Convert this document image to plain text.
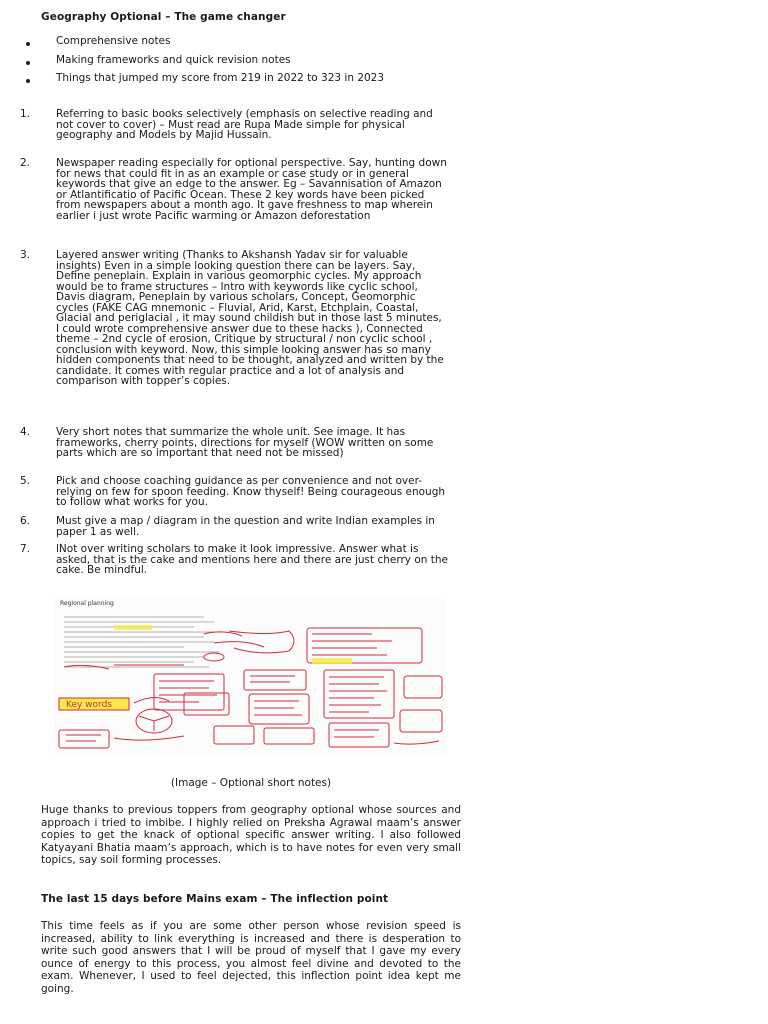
Geography Optional – The game changer
Comprehensive notes
Making frameworks and quick revision notes
Things that jumped my score from 219 in 2022 to 323 in 2023
1. Referring to basic books selectively (emphasis on selective reading and not cover to cover) – Must read are Rupa Made simple for physical geography and Models by Majid Hussain.
2. Newspaper reading especially for optional perspective. Say, hunting down for news that could fit in as an example or case study or in general keywords that give an edge to the answer. Eg – Savannisation of Amazon or Atlantificatio of Pacific Ocean. These 2 key words have been picked from newspapers about a month ago. It gave freshness to map wherein earlier i just wrote Pacific warming or Amazon deforestation
3. Layered answer writing (Thanks to Akshansh Yadav sir for valuable insights) Even in a simple looking question there can be layers. Say, Define peneplain. Explain in various geomorphic cycles. My approach would be to frame structures – Intro with keywords like cyclic school, Davis diagram, Peneplain by various scholars, Concept, Geomorphic cycles (FAKE CAG mnemonic – Fluvial, Arid, Karst, Etchplain, Coastal, Glacial and periglacial , it may sound childish but in those last 5 minutes, I could wrote comprehensive answer due to these hacks ), Connected theme – 2nd cycle of erosion, Critique by structural / non cyclic school , conclusion with keyword. Now, this simple looking answer has so many hidden components that need to be thought, analyzed and written by the candidate. It comes with regular practice and a lot of analysis and comparison with topper’s copies.
4. Very short notes that summarize the whole unit. See image. It has frameworks, cherry points, directions for myself (WOW written on some parts which are so important that need not be missed)
5. Pick and choose coaching guidance as per convenience and not over-relying on few for spoon feeding. Know thyself! Being courageous enough to follow what works for you.
6. Must give a map / diagram in the question and write Indian examples in paper 1 as well.
7. lNot over writing scholars to make it look impressive. Answer what is asked, that is the cake and mentions here and there are just cherry on the cake. Be mindful.
Regional planning
Key words
(Image – Optional short notes)
Huge thanks to previous toppers from geography optional whose sources and approach i tried to imbibe. I highly relied on Preksha Agrawal maam’s answer copies to get the knack of optional specific answer writing. I also followed Katyayani Bhatia maam’s approach, which is to have notes for even very small topics, say soil forming processes.
The last 15 days before Mains exam – The inflection point
This time feels as if you are some other person whose revision speed is increased, ability to link everything is increased and there is desperation to write such good answers that I will be proud of myself that I gave my every ounce of energy to this process, you almost feel divine and devoted to the exam. Whenever, I used to feel dejected, this inflection point idea kept me going.
